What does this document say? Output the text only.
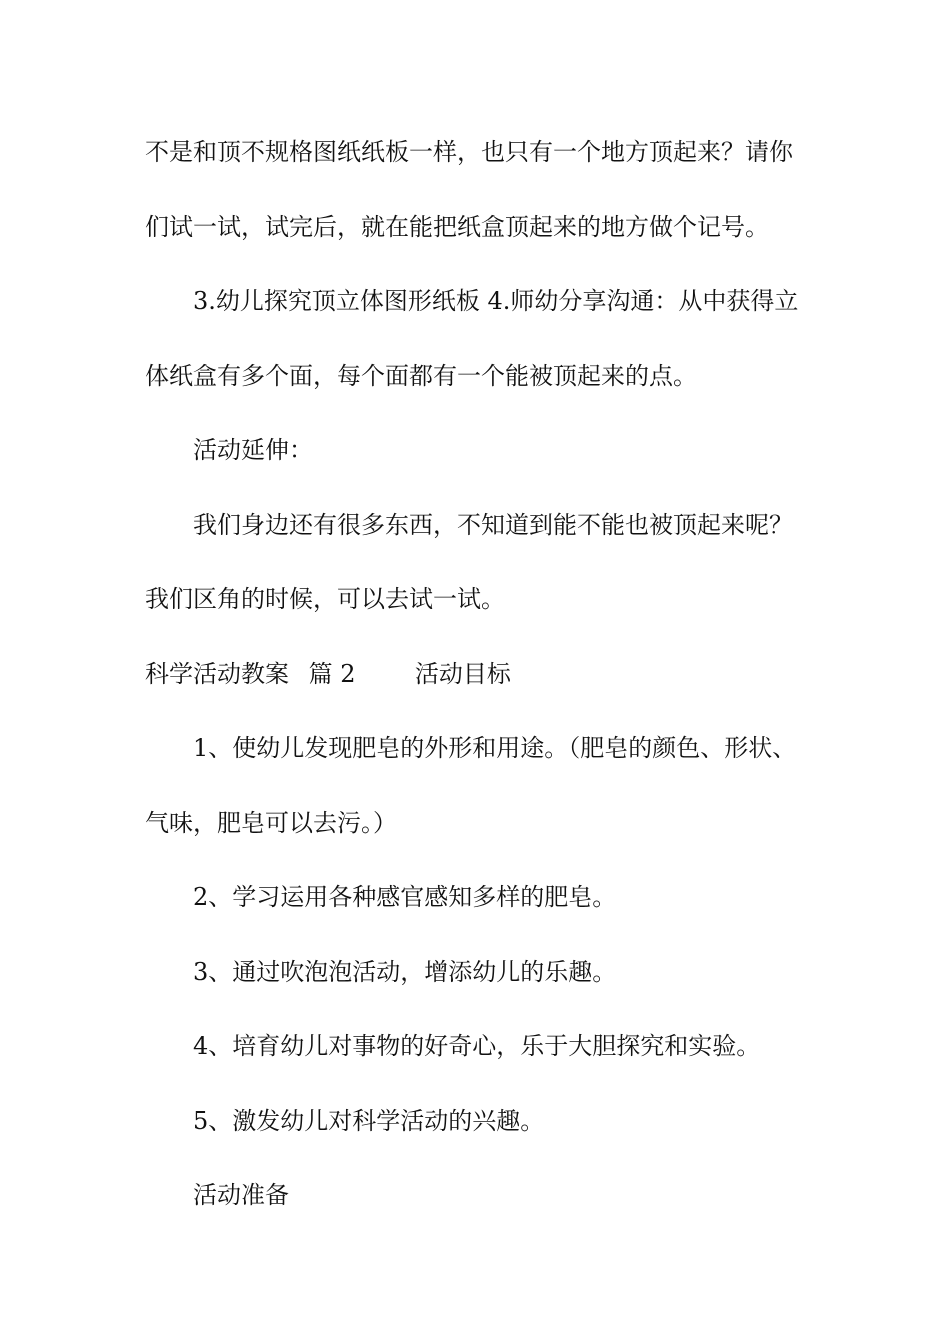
不是和顶不规格图纸纸板一样，也只有一个地方顶起来？请你
们试一试，试完后，就在能把纸盒顶起来的地方做个记号。
3.幼儿探究顶立体图形纸板 4.师幼分享沟通：从中获得立
体纸盒有多个面，每个面都有一个能被顶起来的点。
活动延伸：
我们身边还有很多东西，不知道到能不能也被顶起来呢？
我们区角的时候，可以去试一试。
科学活动教案 篇 2 活动目标
1、使幼儿发现肥皂的外形和用途。（肥皂的颜色、形状、
气味，肥皂可以去污。）
2、学习运用各种感官感知多样的肥皂。
3、通过吹泡泡活动，增添幼儿的乐趣。
4、培育幼儿对事物的好奇心，乐于大胆探究和实验。
5、激发幼儿对科学活动的兴趣。
活动准备
